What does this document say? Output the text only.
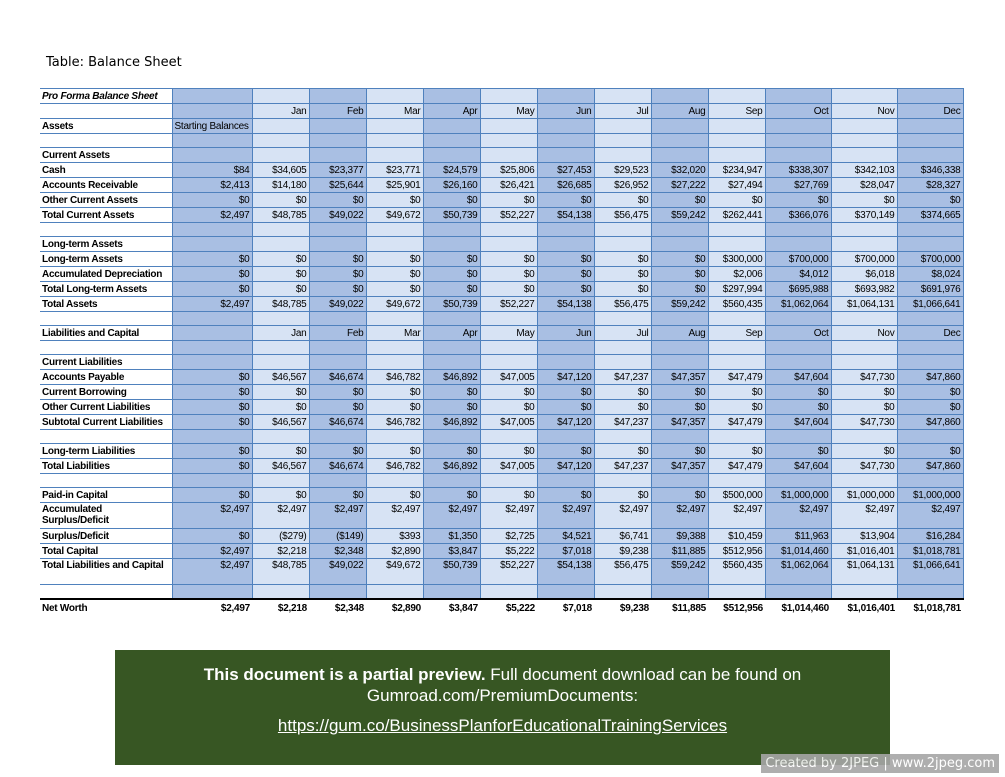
Table: Balance Sheet
Pro Forma Balance Sheet													
		Jan	Feb	Mar	Apr	May	Jun	Jul	Aug	Sep	Oct	Nov	Dec
Assets	Starting Balances												

Current Assets													
Cash	$84	$34,605	$23,377	$23,771	$24,579	$25,806	$27,453	$29,523	$32,020	$234,947	$338,307	$342,103	$346,338
Accounts Receivable	$2,413	$14,180	$25,644	$25,901	$26,160	$26,421	$26,685	$26,952	$27,222	$27,494	$27,769	$28,047	$28,327
Other Current Assets	$0	$0	$0	$0	$0	$0	$0	$0	$0	$0	$0	$0	$0
Total Current Assets	$2,497	$48,785	$49,022	$49,672	$50,739	$52,227	$54,138	$56,475	$59,242	$262,441	$366,076	$370,149	$374,665

Long-term Assets													
Long-term Assets	$0	$0	$0	$0	$0	$0	$0	$0	$0	$300,000	$700,000	$700,000	$700,000
Accumulated Depreciation	$0	$0	$0	$0	$0	$0	$0	$0	$0	$2,006	$4,012	$6,018	$8,024
Total Long-term Assets	$0	$0	$0	$0	$0	$0	$0	$0	$0	$297,994	$695,988	$693,982	$691,976
Total Assets	$2,497	$48,785	$49,022	$49,672	$50,739	$52,227	$54,138	$56,475	$59,242	$560,435	$1,062,064	$1,064,131	$1,066,641

Liabilities and Capital		Jan	Feb	Mar	Apr	May	Jun	Jul	Aug	Sep	Oct	Nov	Dec

Current Liabilities													
Accounts Payable	$0	$46,567	$46,674	$46,782	$46,892	$47,005	$47,120	$47,237	$47,357	$47,479	$47,604	$47,730	$47,860
Current Borrowing	$0	$0	$0	$0	$0	$0	$0	$0	$0	$0	$0	$0	$0
Other Current Liabilities	$0	$0	$0	$0	$0	$0	$0	$0	$0	$0	$0	$0	$0
Subtotal Current Liabilities	$0	$46,567	$46,674	$46,782	$46,892	$47,005	$47,120	$47,237	$47,357	$47,479	$47,604	$47,730	$47,860

Long-term Liabilities	$0	$0	$0	$0	$0	$0	$0	$0	$0	$0	$0	$0	$0
Total Liabilities	$0	$46,567	$46,674	$46,782	$46,892	$47,005	$47,120	$47,237	$47,357	$47,479	$47,604	$47,730	$47,860

Paid-in Capital	$0	$0	$0	$0	$0	$0	$0	$0	$0	$500,000	$1,000,000	$1,000,000	$1,000,000
Accumulated Surplus/Deficit	$2,497	$2,497	$2,497	$2,497	$2,497	$2,497	$2,497	$2,497	$2,497	$2,497	$2,497	$2,497	$2,497
Surplus/Deficit	$0	($279)	($149)	$393	$1,350	$2,725	$4,521	$6,741	$9,388	$10,459	$11,963	$13,904	$16,284
Total Capital	$2,497	$2,218	$2,348	$2,890	$3,847	$5,222	$7,018	$9,238	$11,885	$512,956	$1,014,460	$1,016,401	$1,018,781
Total Liabilities and Capital	$2,497	$48,785	$49,022	$49,672	$50,739	$52,227	$54,138	$56,475	$59,242	$560,435	$1,062,064	$1,064,131	$1,066,641

Net Worth	$2,497	$2,218	$2,348	$2,890	$3,847	$5,222	$7,018	$9,238	$11,885	$512,956	$1,014,460	$1,016,401	$1,018,781
This document is a partial preview. Full document download can be found on Gumroad.com/PremiumDocuments:
https://gum.co/BusinessPlanforEducationalTrainingServices
Created by 2JPEG | www.2jpeg.com
